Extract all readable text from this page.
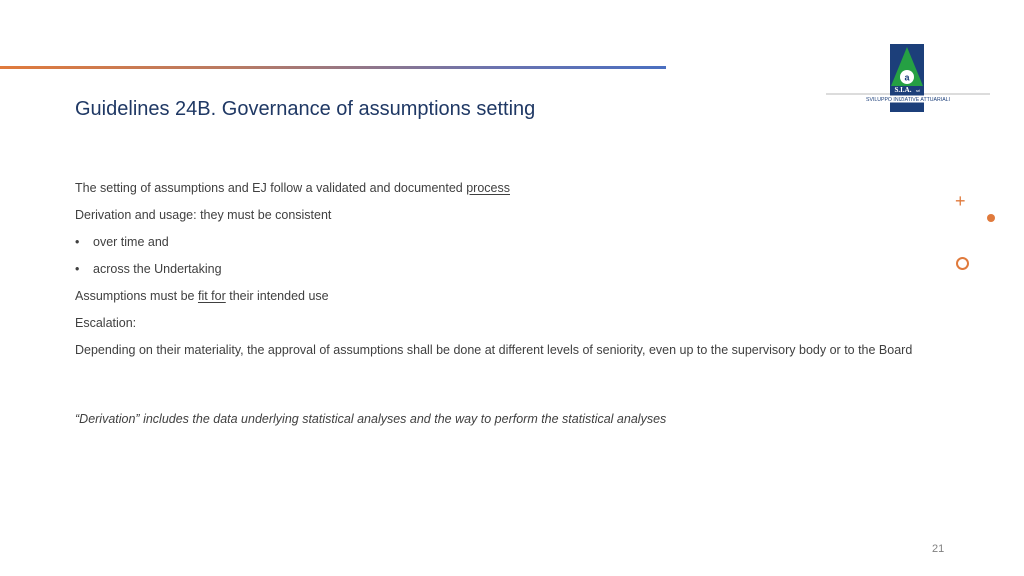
Guidelines 24B. Governance of assumptions setting
a
S.I.A. srl
SVILUPPO INIZIATIVE ATTUARIALI
The setting of assumptions and EJ follow a validated and documented process
Derivation and usage: they must be consistent
• over time and
• across the Undertaking
Assumptions must be fit for their intended use
Escalation:
Depending on their materiality, the approval of assumptions shall be done at different levels of seniority, even up to the supervisory body or to the Board
“Derivation” includes the data underlying statistical analyses and the way to perform the statistical analyses
+
21
